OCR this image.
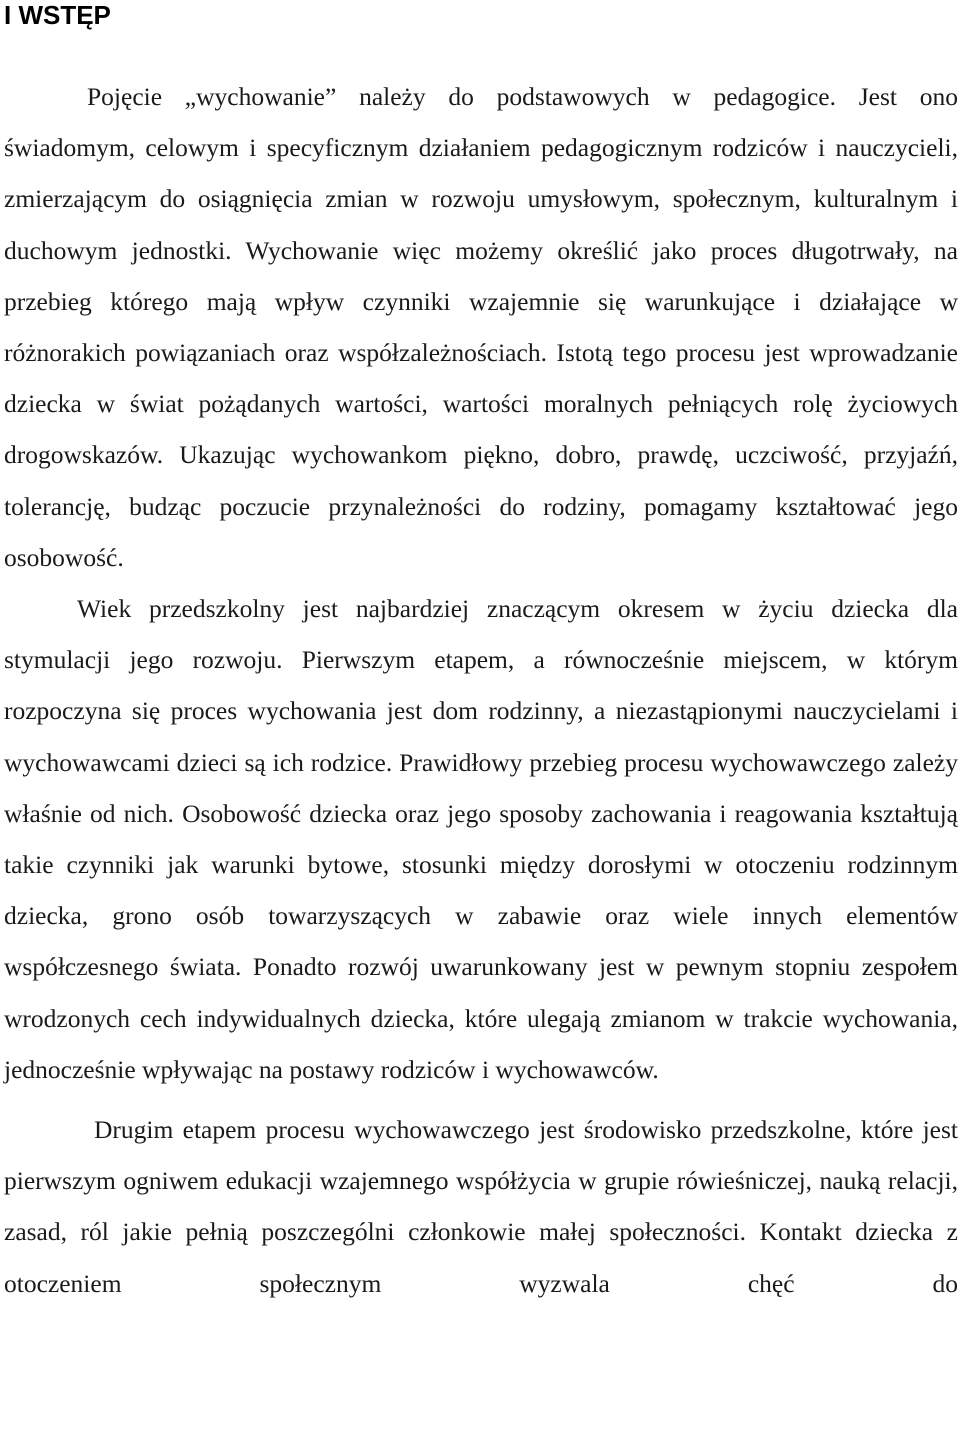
I WSTĘP

Pojęcie „wychowanie” należy do podstawowych w pedagogice. Jest ono świadomym, celowym i specyficznym działaniem pedagogicznym rodziców i nauczycieli, zmierzającym do osiągnięcia zmian w rozwoju umysłowym, społecznym, kulturalnym i duchowym jednostki. Wychowanie więc możemy określić jako proces długotrwały, na przebieg którego mają wpływ czynniki wzajemnie się warunkujące i działające w różnorakich powiązaniach oraz współzależnościach. Istotą tego procesu jest wprowadzanie dziecka w świat pożądanych wartości, wartości moralnych pełniących rolę życiowych drogowskazów. Ukazując wychowankom piękno, dobro, prawdę, uczciwość, przyjaźń, tolerancję, budząc poczucie przynależności do rodziny, pomagamy kształtować jego osobowość.

Wiek przedszkolny jest najbardziej znaczącym okresem w życiu dziecka dla stymulacji jego rozwoju. Pierwszym etapem, a równocześnie miejscem, w którym rozpoczyna się proces wychowania jest dom rodzinny, a niezastąpionymi nauczycielami i wychowawcami dzieci są ich rodzice. Prawidłowy przebieg procesu wychowawczego zależy właśnie od nich. Osobowość dziecka oraz jego sposoby zachowania i reagowania kształtują takie czynniki jak warunki bytowe, stosunki między dorosłymi w otoczeniu rodzinnym dziecka, grono osób towarzyszących w zabawie oraz wiele innych elementów współczesnego świata. Ponadto rozwój uwarunkowany jest w pewnym stopniu zespołem wrodzonych cech indywidualnych dziecka, które ulegają zmianom w trakcie wychowania, jednocześnie wpływając na postawy rodziców i wychowawców.

Drugim etapem procesu wychowawczego jest środowisko przedszkolne, które jest pierwszym ogniwem edukacji wzajemnego współżycia w grupie rówieśniczej, nauką relacji, zasad, ról jakie pełnią poszczególni członkowie małej społeczności. Kontakt dziecka z otoczeniem społecznym wyzwala chęć do
